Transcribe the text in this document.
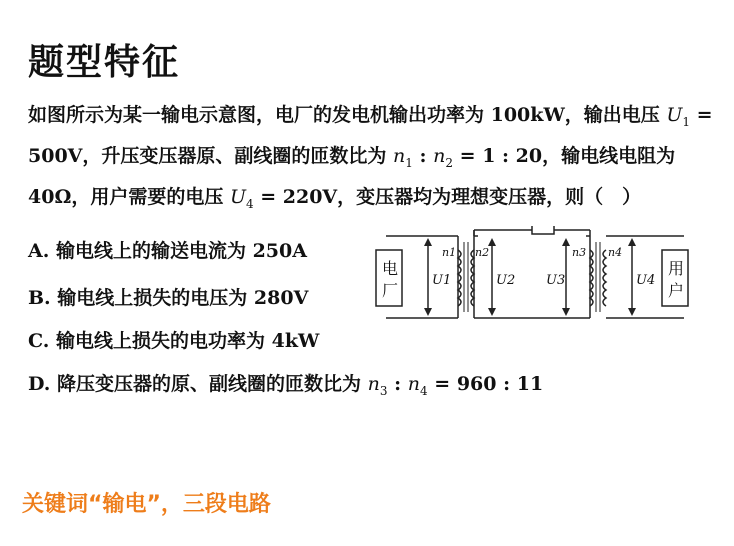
题型特征
如图所示为某一输电示意图，电厂的发电机输出功率为 100kW，输出电压 $U_1 = 500V$，升压变压器原、副线圈的匝数比为 $n_1$ : $n_2 = 1$ : 20，输电线电阻为 40Ω，用户需要的电压 $U_4 = 220V$，变压器均为理想变压器，则（　）
A. 输电线上的输送电流为 250A
B. 输电线上损失的电压为 280V
C. 输电线上损失的电功率为 4kW
D. 降压变压器的原、副线圈的匝数比为 $n_3$ : $n_4 = 960$ : 11
电
厂
用
户
U1	U2 U3	U4
n1 n2	n3 n4
关键词“输电”，三段电路
